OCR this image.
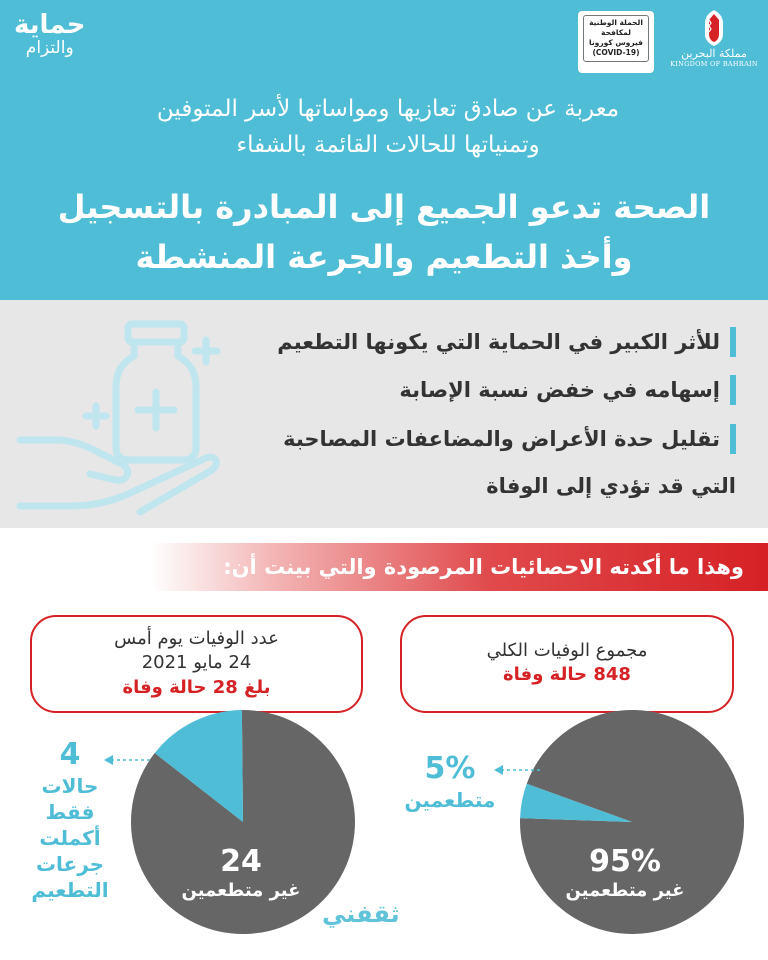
حماية
والتزام
الحملة الوطنية
لمكافحة
فيروس كورونا
(COVID-19)	مملكة البحرين
KINGDOM OF BAHRAIN
معربة عن صادق تعازيها ومواساتها لأسر المتوفين
وتمنياتها للحالات القائمة بالشفاء
الصحة تدعو الجميع إلى المبادرة بالتسجيل
وأخذ التطعيم والجرعة المنشطة
للأثر الكبير في الحماية التي يكونها التطعيم
إسهامه في خفض نسبة الإصابة
تقليل حدة الأعراض والمضاعفات المصاحبة
التي قد تؤدي إلى الوفاة
وهذا ما أكدته الاحصائيات المرصودة والتي بينت أن:
عدد الوفيات يوم أمس
24 مايو 2021
بلغ 28 حالة وفاة
مجموع الوفيات الكلي
848 حالة وفاة
24
غير متطعمين
95%
غير متطعمين
4
حالات
فقط
أكملت
جرعات
التطعيم
5%
متطعمين
ثقفني
